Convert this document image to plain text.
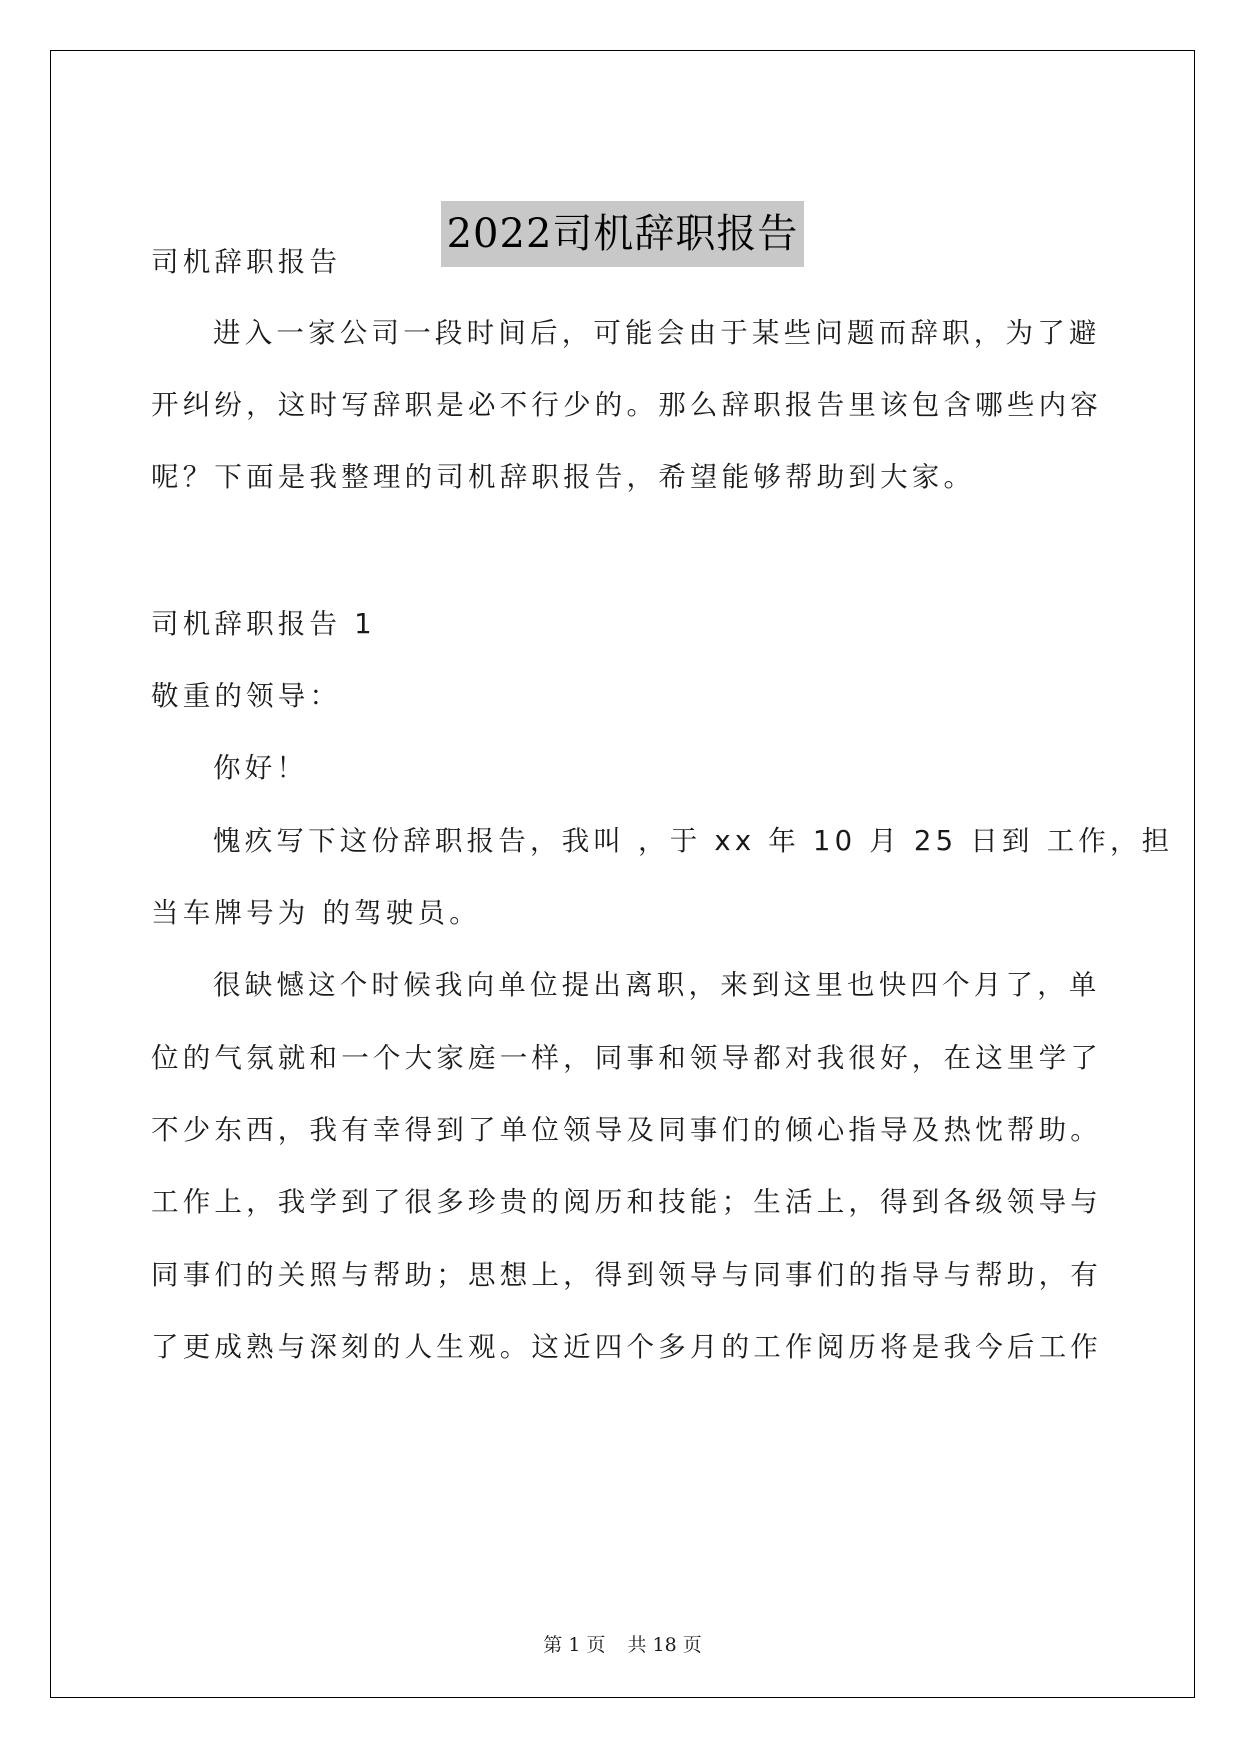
2022司机辞职报告
司机辞职报告
进入一家公司一段时间后，可能会由于某些问题而辞职，为了避
开纠纷，这时写辞职是必不行少的。那么辞职报告里该包含哪些内容
呢？下面是我整理的司机辞职报告，希望能够帮助到大家。
司机辞职报告 1
敬重的领导：
你好！
愧疚写下这份辞职报告，我叫 ，于 xx 年 10 月 25 日到 工作，担
当车牌号为 的驾驶员。
很缺憾这个时候我向单位提出离职，来到这里也快四个月了，单
位的气氛就和一个大家庭一样，同事和领导都对我很好，在这里学了
不少东西，我有幸得到了单位领导及同事们的倾心指导及热忱帮助。
工作上，我学到了很多珍贵的阅历和技能；生活上，得到各级领导与
同事们的关照与帮助；思想上，得到领导与同事们的指导与帮助，有
了更成熟与深刻的人生观。这近四个多月的工作阅历将是我今后工作
第 1 页 共 18 页
